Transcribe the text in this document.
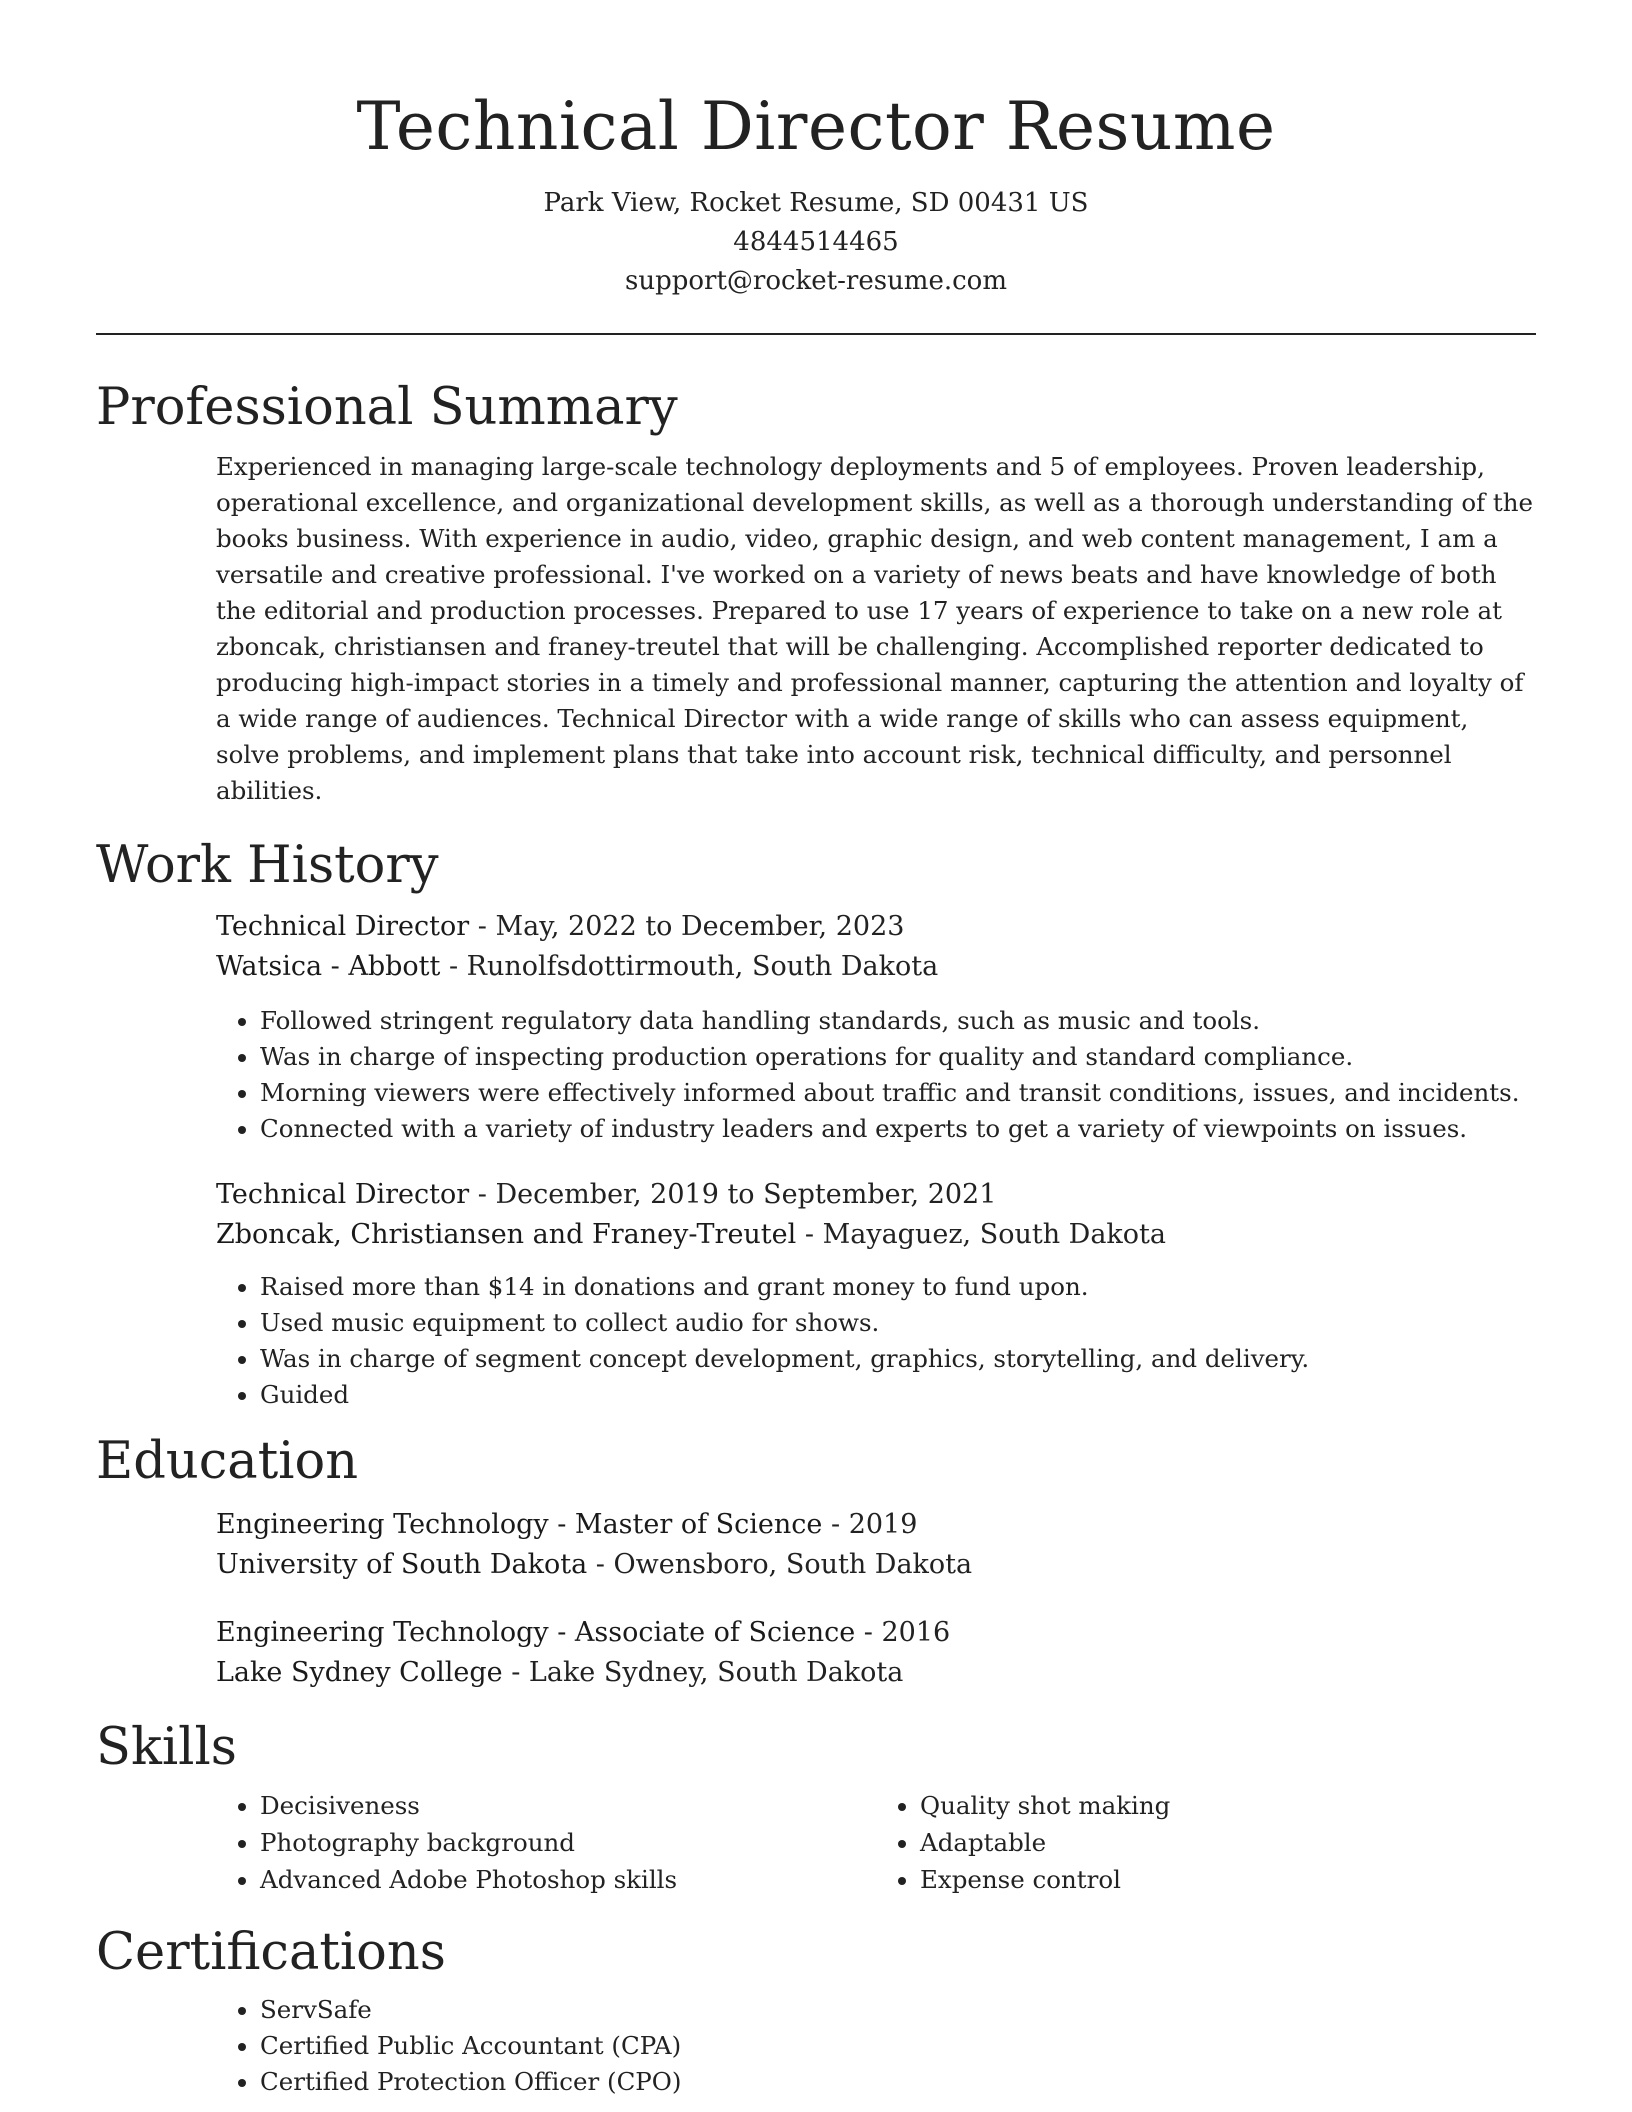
Technical Director Resume
Park View, Rocket Resume, SD 00431 US
4844514465
support@rocket-resume.com
Professional Summary

Experienced in managing large-scale technology deployments and 5 of employees. Proven leadership, operational excellence, and organizational development skills, as well as a thorough understanding of the books business. With experience in audio, video, graphic design, and web content management, I am a versatile and creative professional. I've worked on a variety of news beats and have knowledge of both the editorial and production processes. Prepared to use 17 years of experience to take on a new role at zboncak, christiansen and franey-treutel that will be challenging. Accomplished reporter dedicated to producing high-impact stories in a timely and professional manner, capturing the attention and loyalty of a wide range of audiences. Technical Director with a wide range of skills who can assess equipment, solve problems, and implement plans that take into account risk, technical difficulty, and personnel abilities.

Work History
Technical Director - May, 2022 to December, 2023
Watsica - Abbott - Runolfsdottirmouth, South Dakota
• Followed stringent regulatory data handling standards, such as music and tools.
• Was in charge of inspecting production operations for quality and standard compliance.
• Morning viewers were effectively informed about traffic and transit conditions, issues, and incidents.
• Connected with a variety of industry leaders and experts to get a variety of viewpoints on issues.
Technical Director - December, 2019 to September, 2021
Zboncak, Christiansen and Franey-Treutel - Mayaguez, South Dakota
• Raised more than $14 in donations and grant money to fund upon.
• Used music equipment to collect audio for shows.
• Was in charge of segment concept development, graphics, storytelling, and delivery.
• Guided
Education
Engineering Technology - Master of Science - 2019
University of South Dakota - Owensboro, South Dakota
Engineering Technology - Associate of Science - 2016
Lake Sydney College - Lake Sydney, South Dakota
Skills
• Decisiveness
• Photography background
• Advanced Adobe Photoshop skills
• Quality shot making
• Adaptable
• Expense control
Certifications
• ServSafe
• Certified Public Accountant (CPA)
• Certified Protection Officer (CPO)
